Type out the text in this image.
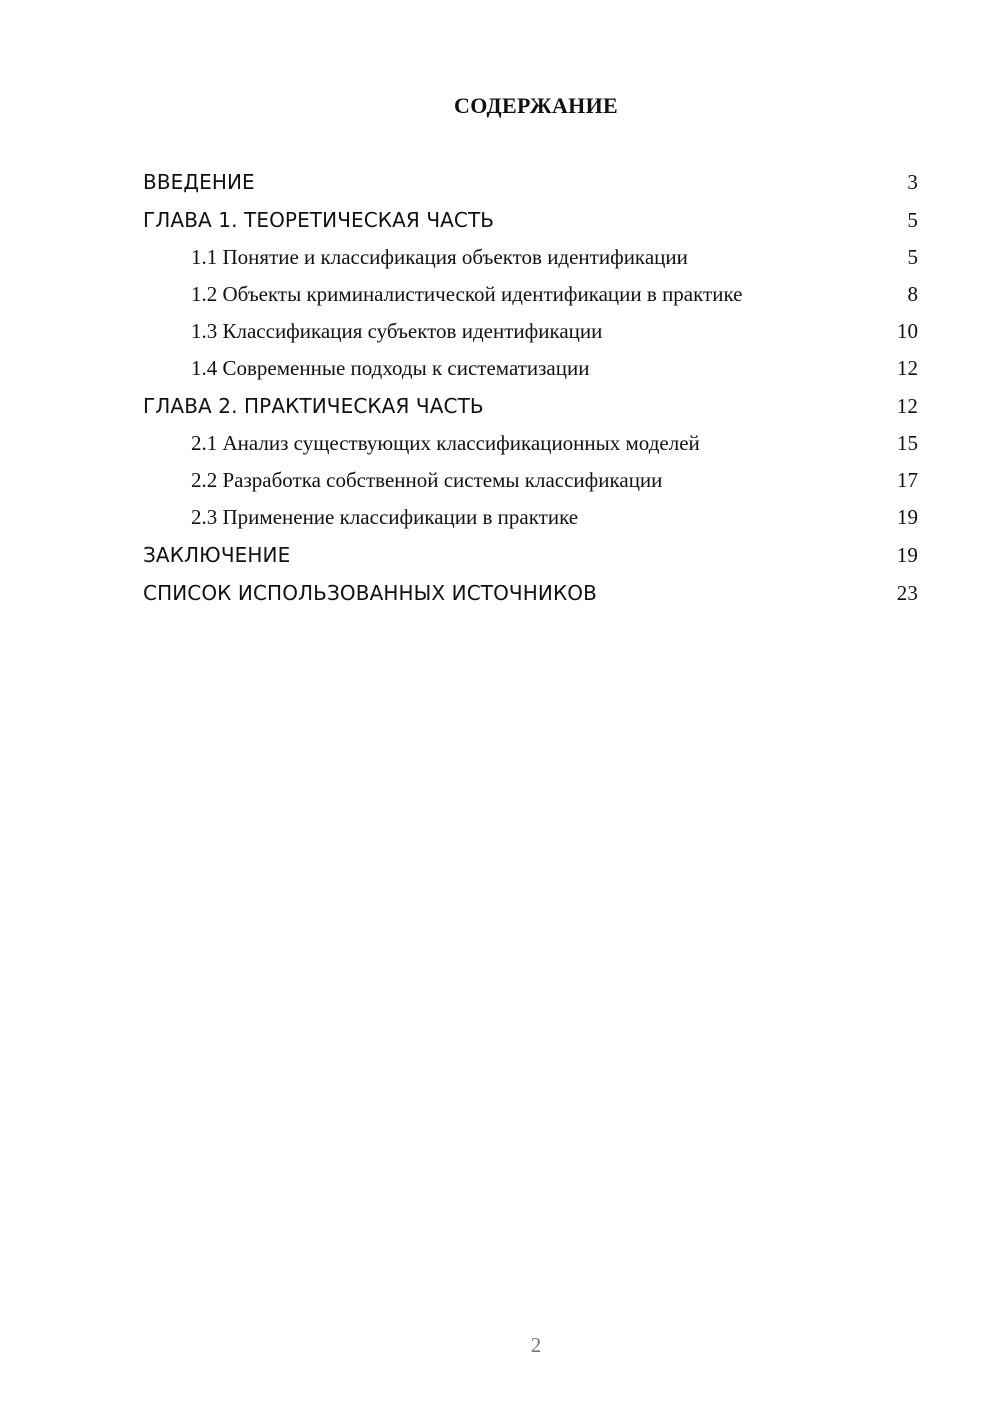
СОДЕРЖАНИЕ
ВВЕДЕНИЕ	3
ГЛАВА 1. ТЕОРЕТИЧЕСКАЯ ЧАСТЬ	5
1.1 Понятие и классификация объектов идентификации	5
1.2 Объекты криминалистической идентификации в практике	8
1.3 Классификация субъектов идентификации	10
1.4 Современные подходы к систематизации	12
ГЛАВА 2. ПРАКТИЧЕСКАЯ ЧАСТЬ	12
2.1 Анализ существующих классификационных моделей	15
2.2 Разработка собственной системы классификации	17
2.3 Применение классификации в практике	19
ЗАКЛЮЧЕНИЕ	19
СПИСОК ИСПОЛЬЗОВАННЫХ ИСТОЧНИКОВ	23
2
